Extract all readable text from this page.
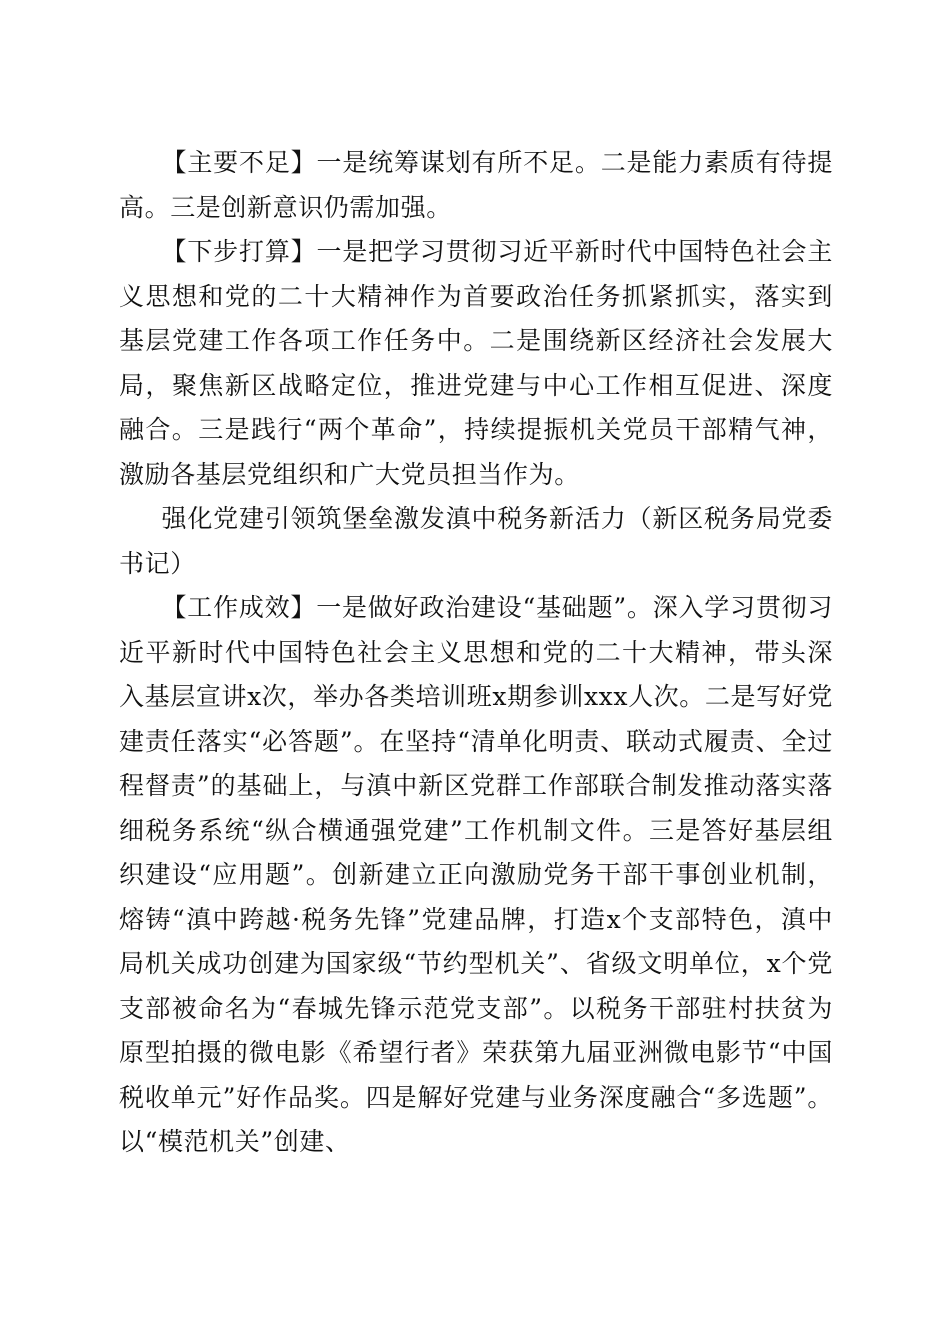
【主要不足】一是统筹谋划有所不足。二是能力素质有待提高。三是创新意识仍需加强。

【下步打算】一是把学习贯彻习近平新时代中国特色社会主义思想和党的二十大精神作为首要政治任务抓紧抓实，落实到基层党建工作各项工作任务中。二是围绕新区经济社会发展大局，聚焦新区战略定位，推进党建与中心工作相互促进、深度融合。三是践行“两个革命”，持续提振机关党员干部精气神，激励各基层党组织和广大党员担当作为。

强化党建引领筑堡垒激发滇中税务新活力（新区税务局党委书记）

【工作成效】一是做好政治建设“基础题”。深入学习贯彻习近平新时代中国特色社会主义思想和党的二十大精神，带头深入基层宣讲x次，举办各类培训班x期参训xxx人次。二是写好党建责任落实“必答题”。在坚持“清单化明责、联动式履责、全过程督责”的基础上，与滇中新区党群工作部联合制发推动落实落细税务系统“纵合横通强党建”工作机制文件。三是答好基层组织建设“应用题”。创新建立正向激励党务干部干事创业机制，熔铸“滇中跨越·税务先锋”党建品牌，打造x个支部特色，滇中局机关成功创建为国家级“节约型机关”、省级文明单位，x个党支部被命名为“春城先锋示范党支部”。以税务干部驻村扶贫为原型拍摄的微电影《希望行者》荣获第九届亚洲微电影节“中国税收单元”好作品奖。四是解好党建与业务深度融合“多选题”。以“模范机关”创建、
